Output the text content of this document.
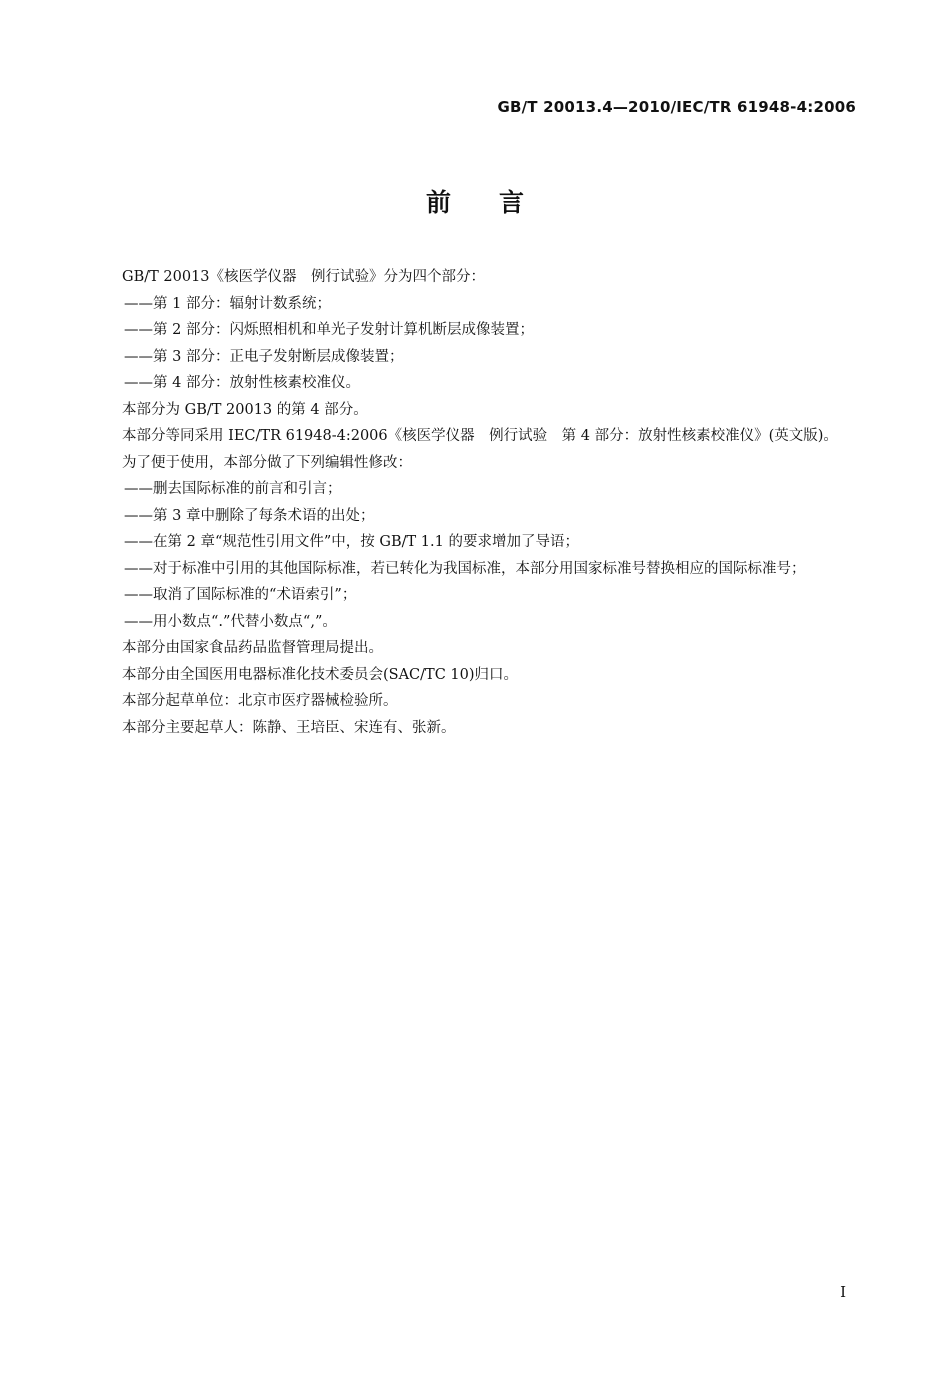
GB/T 20013.4—2010/IEC/TR 61948-4:2006
前言

GB/T 20013《核医学仪器　例行试验》分为四个部分：

——第 1 部分：辐射计数系统；

——第 2 部分：闪烁照相机和单光子发射计算机断层成像装置；

——第 3 部分：正电子发射断层成像装置；

——第 4 部分：放射性核素校准仪。

本部分为 GB/T 20013 的第 4 部分。

本部分等同采用 IEC/TR 61948-4:2006《核医学仪器　例行试验　第 4 部分：放射性核素校准仪》(英文版)。

为了便于使用，本部分做了下列编辑性修改：

——删去国际标准的前言和引言；

——第 3 章中删除了每条术语的出处；

——在第 2 章“规范性引用文件”中，按 GB/T 1.1 的要求增加了导语；

——对于标准中引用的其他国际标准，若已转化为我国标准，本部分用国家标准号替换相应的国际标准号；

——取消了国际标准的“术语索引”；

——用小数点“.”代替小数点“,”。

本部分由国家食品药品监督管理局提出。

本部分由全国医用电器标准化技术委员会(SAC/TC 10)归口。

本部分起草单位：北京市医疗器械检验所。

本部分主要起草人：陈静、王培臣、宋连有、张新。

I
